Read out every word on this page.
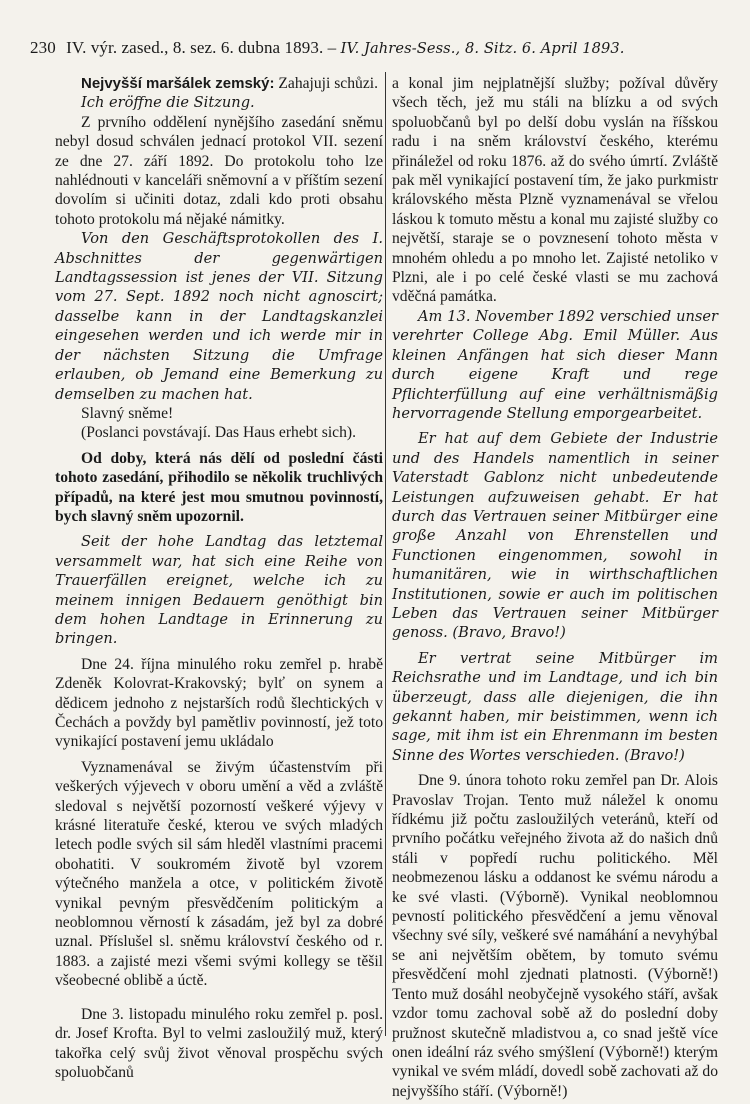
230 IV. výr. zased., 8. sez. 6. dubna 1893. – IV. Jahres-Sess., 8. Sitz. 6. April 1893.

Nejvyšší maršálek zemský: Zahajuji schůzi.

Ich eröffne die Sitzung.

Z prvního oddělení nynějšího zasedání sněmu nebyl dosud schválen jednací protokol VII. sezení ze dne 27. září 1892. Do protokolu toho lze nahlédnouti v kanceláři sněmovní a v příštím sezení dovolím si učiniti dotaz, zdali kdo proti obsahu tohoto protokolu má nějaké námitky.

Von den Geschäftsprotokollen des I. Abschnittes der gegenwärtigen Landtagssession ist jenes der VII. Sitzung vom 27. Sept. 1892 noch nicht agnoscirt; dasselbe kann in der Landtagskanzlei eingesehen werden und ich werde mir in der nächsten Sitzung die Umfrage erlauben, ob Jemand eine Bemerkung zu demselben zu machen hat.

Slavný sněme!

(Poslanci povstávají. Das Haus erhebt sich).

Od doby, která nás dělí od poslední části tohoto zasedání, přihodilo se několik truchlivých případů, na které jest mou smutnou povinností, bych slavný sněm upozornil.

Seit der hohe Landtag das letztemal versammelt war, hat sich eine Reihe von Trauerfällen ereignet, welche ich zu meinem innigen Bedauern genöthigt bin dem hohen Landtage in Erinnerung zu bringen.

Dne 24. října minulého roku zemřel p. hrabě Zdeněk Kolovrat-Krakovský; bylť on synem a dědicem jednoho z nejstarších rodů šlechtických v Čechách a povždy byl pamětliv povinností, jež toto vynikající postavení jemu ukládalo

Vyznamenával se živým účastenstvím při veškerých výjevech v oboru umění a věd a zvláště sledoval s největší pozorností veškeré výjevy v krásné literatuře české, kterou ve svých mladých letech podle svých sil sám hleděl vlastními pracemi obohatiti. V soukromém životě byl vzorem výtečného manžela a otce, v politickém životě vynikal pevným přesvědčením politickým a neoblomnou věrností k zásadám, jež byl za dobré uznal. Příslušel sl. sněmu království českého od r. 1883. a zajisté mezi všemi svými kollegy se těšil všeobecné oblibě a úctě.

Dne 3. listopadu minulého roku zemřel p. posl. dr. Josef Krofta. Byl to velmi zasloužilý muž, který takořka celý svůj život věnoval prospěchu svých spoluobčanů

a konal jim nejplatnější služby; požíval důvěry všech těch, jež mu stáli na blízku a od svých spoluobčanů byl po delší dobu vyslán na říšskou radu i na sněm království českého, kterému přináležel od roku 1876. až do svého úmrtí. Zvláště pak měl vynikající postavení tím, že jako purkmistr královského města Plzně vyznamenával se vřelou láskou k tomuto městu a konal mu zajisté služby co největší, staraje se o povznesení tohoto města v mnohém ohledu a po mnoho let. Zajisté netoliko v Plzni, ale i po celé české vlasti se mu zachová vděčná památka.

Am 13. November 1892 verschied unser verehrter College Abg. Emil Müller. Aus kleinen Anfängen hat sich dieser Mann durch eigene Kraft und rege Pflichterfüllung auf eine verhältnismäßig hervorragende Stellung emporgearbeitet.

Er hat auf dem Gebiete der Industrie und des Handels namentlich in seiner Vaterstadt Gablonz nicht unbedeutende Leistungen aufzuweisen gehabt. Er hat durch das Vertrauen seiner Mitbürger eine große Anzahl von Ehrenstellen und Functionen eingenommen, sowohl in humanitären, wie in wirthschaftlichen Institutionen, sowie er auch im politischen Leben das Vertrauen seiner Mitbürger genoss. (Bravo, Bravo!)

Er vertrat seine Mitbürger im Reichsrathe und im Landtage, und ich bin überzeugt, dass alle diejenigen, die ihn gekannt haben, mir beistimmen, wenn ich sage, mit ihm ist ein Ehrenmann im besten Sinne des Wortes verschieden. (Bravo!)

Dne 9. února tohoto roku zemřel pan Dr. Alois Pravoslav Trojan. Tento muž náležel k onomu řídkému již počtu zasloužilých veteránů, kteří od prvního počátku veřejného života až do našich dnů stáli v popředí ruchu politického. Měl neobmezenou lásku a oddanost ke svému národu a ke své vlasti. (Výborně). Vynikal neoblomnou pevností politického přesvědčení a jemu věnoval všechny své síly, veškeré své namáhání a nevyhýbal se ani největším obětem, by tomuto svému přesvědčení mohl zjednati platnosti. (Výborně!) Tento muž dosáhl neobyčejně vysokého stáří, avšak vzdor tomu zachoval sobě až do poslední doby pružnost skutečně mladistvou a, co snad ještě více onen ideální ráz svého smýšlení (Výborně!) kterým vynikal ve svém mládí, dovedl sobě zachovati až do nejvyššího stáří. (Výborně!)
